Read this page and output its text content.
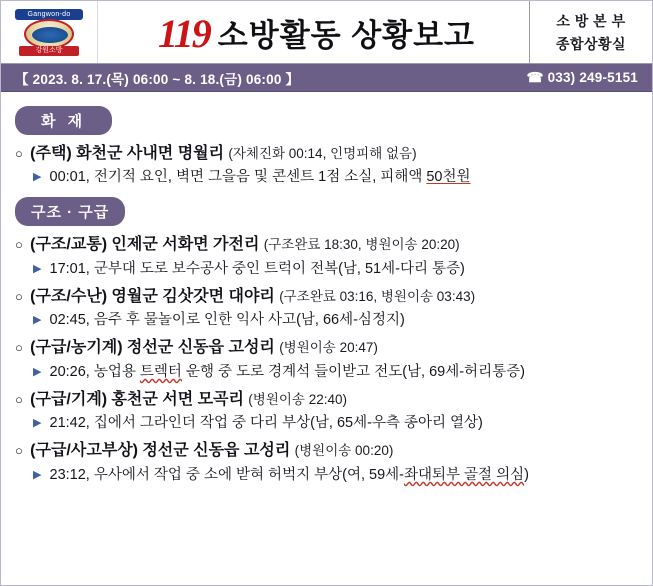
Gangwon-do
강원소방	119 소방활동 상황보고	소 방 본 부
종합상황실
【 2023. 8. 17.(목) 06:00 ~ 8. 18.(금) 06:00 】	☎ 033) 249-5151
화 재
○ (주택) 화천군 사내면 명월리 (자체진화 00:14, 인명피해 없음)
▶ 00:01, 전기적 요인, 벽면 그을음 및 콘센트 1점 소실, 피해액 50천원
구조 · 구급
○ (구조/교통) 인제군 서화면 가전리 (구조완료 18:30, 병원이송 20:20)
▶ 17:01, 군부대 도로 보수공사 중인 트럭이 전복(남, 51세-다리 통증)
○ (구조/수난) 영월군 김삿갓면 대야리 (구조완료 03:16, 병원이송 03:43)
▶ 02:45, 음주 후 물놀이로 인한 익사 사고(남, 66세-심정지)
○ (구급/농기계) 정선군 신동읍 고성리 (병원이송 20:47)
▶ 20:26, 농업용 트렉터 운행 중 도로 경계석 들이받고 전도(남, 69세-허리통증)
○ (구급/기계) 홍천군 서면 모곡리 (병원이송 22:40)
▶ 21:42, 집에서 그라인더 작업 중 다리 부상(남, 65세-우측 종아리 열상)
○ (구급/사고부상) 정선군 신동읍 고성리 (병원이송 00:20)
▶ 23:12, 우사에서 작업 중 소에 받혀 허벅지 부상(여, 59세-좌대퇴부 골절 의심)
